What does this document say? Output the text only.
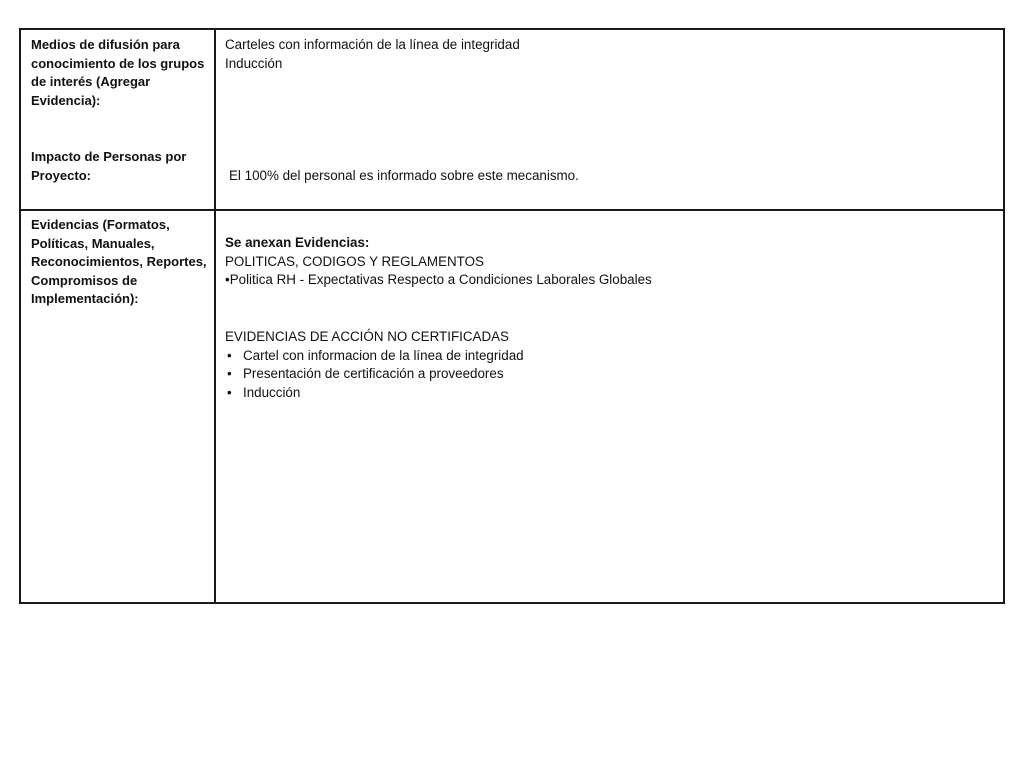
Medios de difusión para conocimiento de los grupos de interés (Agregar Evidencia):

Impacto de Personas por Proyecto:

Carteles con información de la línea de integridad

Inducción

El 100% del personal es informado sobre este mecanismo.

Evidencias (Formatos, Políticas, Manuales, Reconocimientos, Reportes, Compromisos de Implementación):

Se anexan Evidencias:

POLITICAS, CODIGOS Y REGLAMENTOS

•Politica RH - Expectativas Respecto a Condiciones Laborales Globales

EVIDENCIAS DE ACCIÓN NO CERTIFICADAS

• Cartel con informacion de la línea de integridad
• Presentación de certificación a proveedores
• Inducción
